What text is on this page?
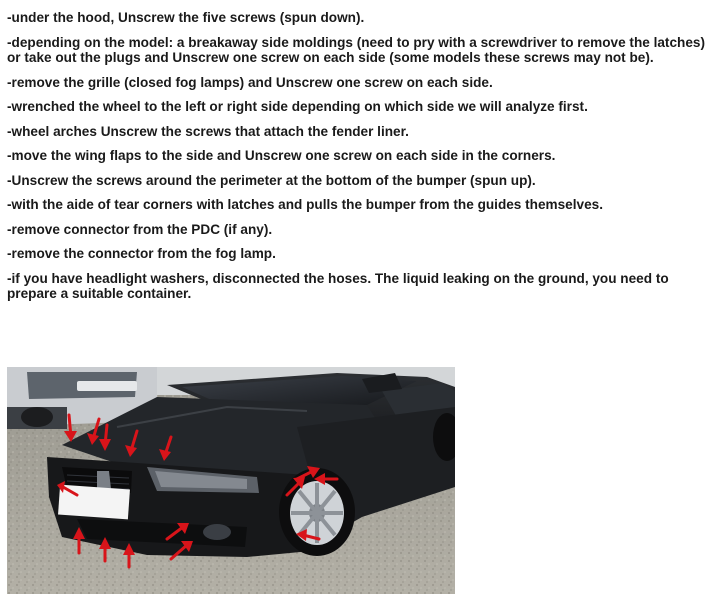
-under the hood, Unscrew the five screws (spun down).

-depending on the model: a breakaway side moldings (need to pry with a screwdriver to remove the latches) or take out the plugs and Unscrew one screw on each side (some models these screws may not be).

-remove the grille (closed fog lamps) and Unscrew one screw on each side.

-wrenched the wheel to the left or right side depending on which side we will analyze first.

-wheel arches Unscrew the screws that attach the fender liner.

-move the wing flaps to the side and Unscrew one screw on each side in the corners.

-Unscrew the screws around the perimeter at the bottom of the bumper (spun up).

-with the aide of tear corners with latches and pulls the bumper from the guides themselves.

-remove connector from the PDC (if any).

-remove the connector from the fog lamp.

-if you have headlight washers, disconnected the hoses. The liquid leaking on the ground, you need to prepare a suitable container.
